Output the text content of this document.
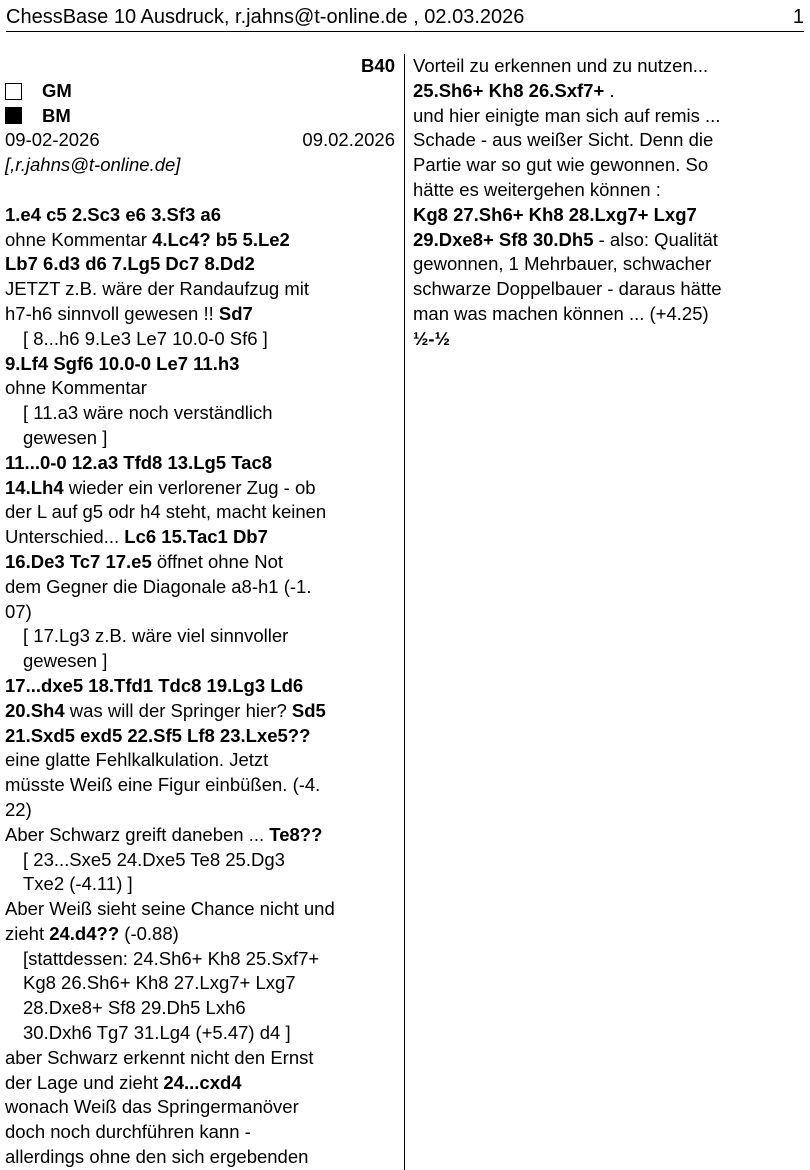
ChessBase 10 Ausdruck, r.jahns@t-online.de , 02.03.2026	1
B40
GM
BM
09-02-2026	09.02.2026
[,r.jahns@t-online.de]
1.e4 c5 2.Sc3 e6 3.Sf3 a6
ohne Kommentar 4.Lc4? b5 5.Le2
Lb7 6.d3 d6 7.Lg5 Dc7 8.Dd2
JETZT z.B. wäre der Randaufzug mit
h7-h6 sinnvoll gewesen !! Sd7
[ 8...h6 9.Le3 Le7 10.0-0 Sf6 ]
9.Lf4 Sgf6 10.0-0 Le7 11.h3
ohne Kommentar
[ 11.a3 wäre noch verständlich
gewesen ]
11...0-0 12.a3 Tfd8 13.Lg5 Tac8
14.Lh4 wieder ein verlorener Zug - ob
der L auf g5 odr h4 steht, macht keinen
Unterschied... Lc6 15.Tac1 Db7
16.De3 Tc7 17.e5 öffnet ohne Not
dem Gegner die Diagonale a8-h1 (-1.
07)
[ 17.Lg3 z.B. wäre viel sinnvoller
gewesen ]
17...dxe5 18.Tfd1 Tdc8 19.Lg3 Ld6
20.Sh4 was will der Springer hier? Sd5
21.Sxd5 exd5 22.Sf5 Lf8 23.Lxe5??
eine glatte Fehlkalkulation. Jetzt
müsste Weiß eine Figur einbüßen. (-4.
22)
Aber Schwarz greift daneben ... Te8??
[ 23...Sxe5 24.Dxe5 Te8 25.Dg3
Txe2 (-4.11) ]
Aber Weiß sieht seine Chance nicht und
zieht 24.d4?? (-0.88)
[stattdessen: 24.Sh6+ Kh8 25.Sxf7+
Kg8 26.Sh6+ Kh8 27.Lxg7+ Lxg7
28.Dxe8+ Sf8 29.Dh5 Lxh6
30.Dxh6 Tg7 31.Lg4 (+5.47) d4 ]
aber Schwarz erkennt nicht den Ernst
der Lage und zieht 24...cxd4
wonach Weiß das Springermanöver
doch noch durchführen kann -
allerdings ohne den sich ergebenden
Vorteil zu erkennen und zu nutzen...
25.Sh6+ Kh8 26.Sxf7+ .
und hier einigte man sich auf remis ...
Schade - aus weißer Sicht. Denn die
Partie war so gut wie gewonnen. So
hätte es weitergehen können :
Kg8 27.Sh6+ Kh8 28.Lxg7+ Lxg7
29.Dxe8+ Sf8 30.Dh5 - also: Qualität
gewonnen, 1 Mehrbauer, schwacher
schwarze Doppelbauer - daraus hätte
man was machen können ... (+4.25)
½-½
